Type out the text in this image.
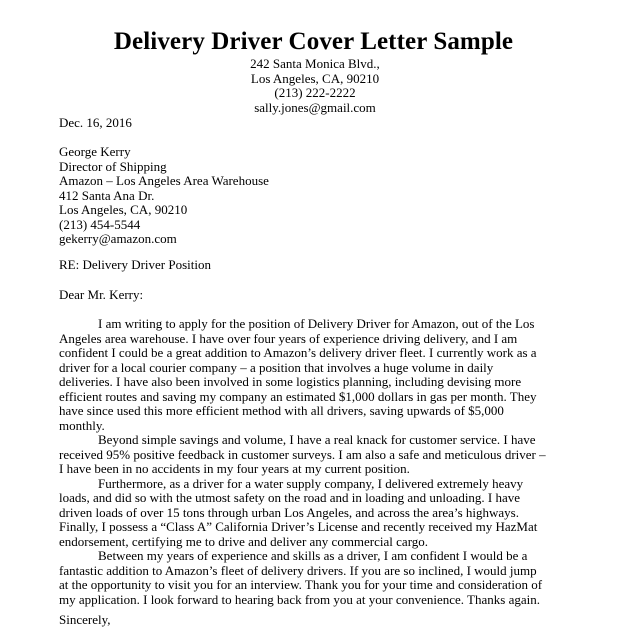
Delivery Driver Cover Letter Sample
242 Santa Monica Blvd.,
Los Angeles, CA, 90210
(213) 222-2222
sally.jones@gmail.com
Dec. 16, 2016
George Kerry
Director of Shipping
Amazon – Los Angeles Area Warehouse
412 Santa Ana Dr.
Los Angeles, CA, 90210
(213) 454-5544
gekerry@amazon.com
RE: Delivery Driver Position
Dear Mr. Kerry:
I am writing to apply for the position of Delivery Driver for Amazon, out of the Los
Angeles area warehouse. I have over four years of experience driving delivery, and I am
confident I could be a great addition to Amazon’s delivery driver fleet. I currently work as a
driver for a local courier company – a position that involves a huge volume in daily
deliveries. I have also been involved in some logistics planning, including devising more
efficient routes and saving my company an estimated $1,000 dollars in gas per month. They
have since used this more efficient method with all drivers, saving upwards of $5,000
monthly.
Beyond simple savings and volume, I have a real knack for customer service. I have
received 95% positive feedback in customer surveys. I am also a safe and meticulous driver –
I have been in no accidents in my four years at my current position.
Furthermore, as a driver for a water supply company, I delivered extremely heavy
loads, and did so with the utmost safety on the road and in loading and unloading. I have
driven loads of over 15 tons through urban Los Angeles, and across the area’s highways.
Finally, I possess a “Class A” California Driver’s License and recently received my HazMat
endorsement, certifying me to drive and deliver any commercial cargo.
Between my years of experience and skills as a driver, I am confident I would be a
fantastic addition to Amazon’s fleet of delivery drivers. If you are so inclined, I would jump
at the opportunity to visit you for an interview. Thank you for your time and consideration of
my application. I look forward to hearing back from you at your convenience. Thanks again.
Sincerely,
